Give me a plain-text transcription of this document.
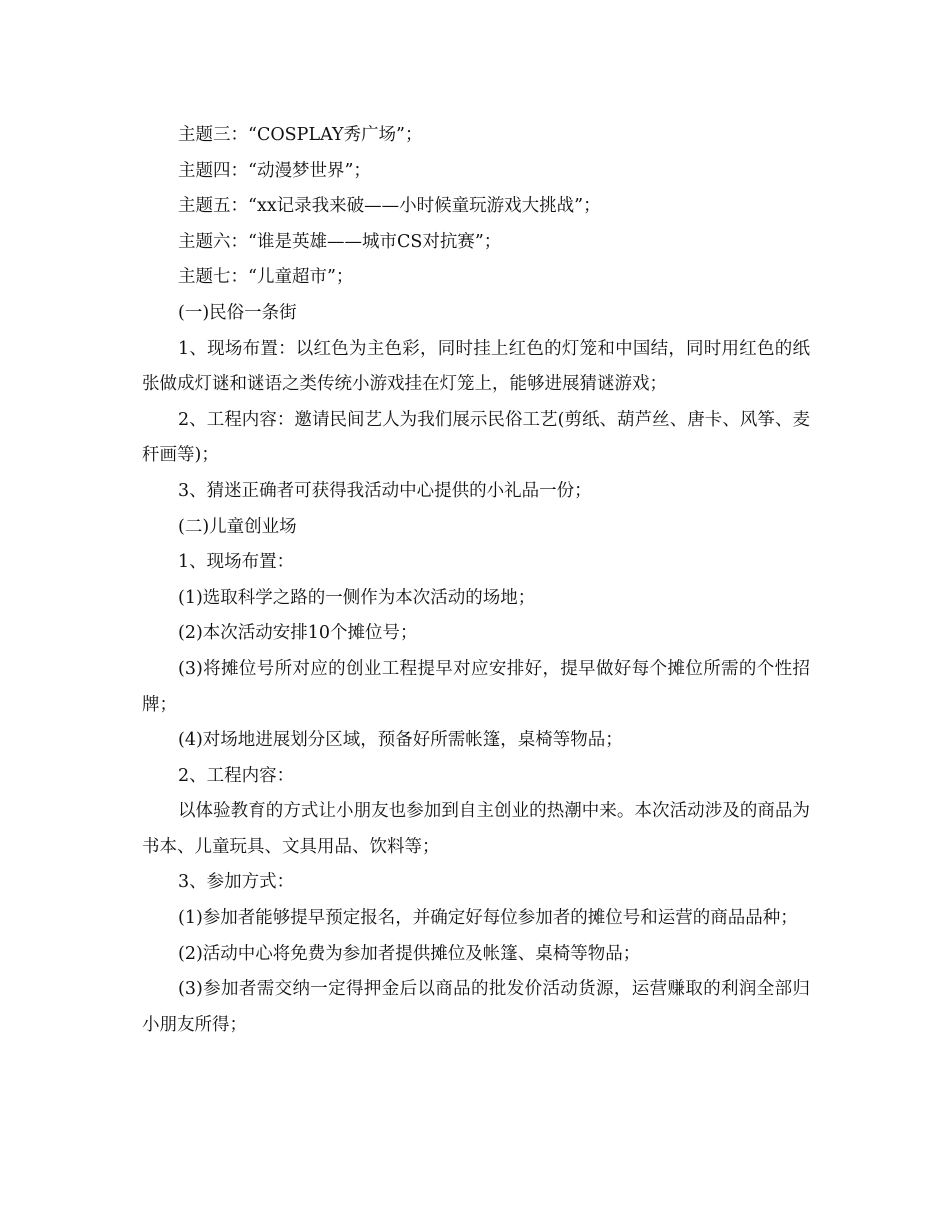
主题三：“COSPLAY秀广场”；

主题四：“动漫梦世界”；

主题五：“xx记录我来破——小时候童玩游戏大挑战”；

主题六：“谁是英雄——城市CS对抗赛”；

主题七：“儿童超市”；

(一)民俗一条街

1、现场布置：以红色为主色彩，同时挂上红色的灯笼和中国结，同时用红色的纸张做成灯谜和谜语之类传统小游戏挂在灯笼上，能够进展猜谜游戏；

2、工程内容：邀请民间艺人为我们展示民俗工艺(剪纸、葫芦丝、唐卡、风筝、麦秆画等)；

3、猜迷正确者可获得我活动中心提供的小礼品一份；

(二)儿童创业场

1、现场布置：

(1)选取科学之路的一侧作为本次活动的场地；

(2)本次活动安排10个摊位号；

(3)将摊位号所对应的创业工程提早对应安排好，提早做好每个摊位所需的个性招牌；

(4)对场地进展划分区域，预备好所需帐篷，桌椅等物品；

2、工程内容：

以体验教育的方式让小朋友也参加到自主创业的热潮中来。本次活动涉及的商品为书本、儿童玩具、文具用品、饮料等；

3、参加方式：

(1)参加者能够提早预定报名，并确定好每位参加者的摊位号和运营的商品品种；

(2)活动中心将免费为参加者提供摊位及帐篷、桌椅等物品；

(3)参加者需交纳一定得押金后以商品的批发价活动货源，运营赚取的利润全部归小朋友所得；
